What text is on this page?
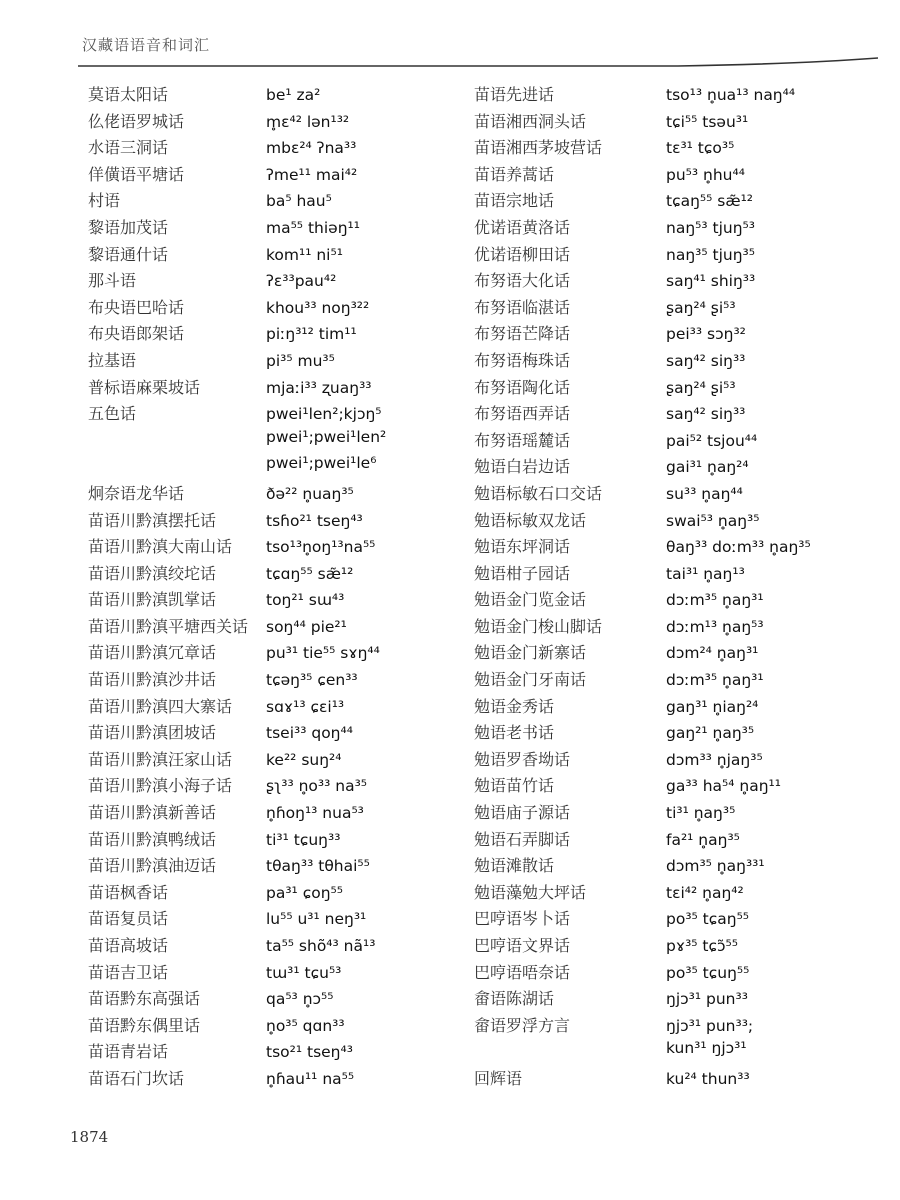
汉藏语语音和词汇
莫语太阳话	be¹ za²
仫佬语罗城话	m̥ɛ⁴² lən¹³²
水语三洞话	mbɛ²⁴ ʔna³³
佯僙语平塘话	ʔme¹¹ mai⁴²
村语	ba⁵ hau⁵
黎语加茂话	ma⁵⁵ thiəŋ¹¹
黎语通什话	kom¹¹ ni⁵¹
那斗语	ʔɛ³³pau⁴²
布央语巴哈话	khou³³ noŋ³²²
布央语郎架话	piːŋ³¹² tim¹¹
拉基语	pi³⁵ mu³⁵
普标语麻栗坡话	mjaːi³³ ʐuaŋ³³
五色话	pwei¹len²;kjɔŋ⁵
pwei¹;pwei¹len²
pwei¹;pwei¹le⁶
炯奈语龙华话	ðə²² n̥uaŋ³⁵
苗语川黔滇摆托话	tsɦo²¹ tseŋ⁴³
苗语川黔滇大南山话	tso¹³n̥oŋ¹³na⁵⁵
苗语川黔滇绞坨话	tɕɑŋ⁵⁵ sæ̃¹²
苗语川黔滇凯掌话	toŋ²¹ sɯ⁴³
苗语川黔滇平塘西关话	soŋ⁴⁴ pie²¹
苗语川黔滇冗章话	pu³¹ tie⁵⁵ sɤŋ⁴⁴
苗语川黔滇沙井话	tɕəŋ³⁵ ɕen³³
苗语川黔滇四大寨话	sɑɤ¹³ ɕɛi¹³
苗语川黔滇团坡话	tsei³³ qoŋ⁴⁴
苗语川黔滇汪家山话	ke²² suŋ²⁴
苗语川黔滇小海子话	ʂʅ³³ n̥o³³ na³⁵
苗语川黔滇新善话	n̥ɦoŋ¹³ nua⁵³
苗语川黔滇鸭绒话	ti³¹ tɕuŋ³³
苗语川黔滇油迈话	tθaŋ³³ tθhai⁵⁵
苗语枫香话	pa³¹ ɕoŋ⁵⁵
苗语复员话	lu⁵⁵ u³¹ neŋ³¹
苗语高坡话	ta⁵⁵ shõ⁴³ nã¹³
苗语吉卫话	tɯ³¹ tɕu⁵³
苗语黔东高强话	qa⁵³ n̥ɔ⁵⁵
苗语黔东偶里话	n̥o³⁵ qɑn³³
苗语青岩话	tso²¹ tseŋ⁴³
苗语石门坎话	n̥ɦau¹¹ na⁵⁵
苗语先进话	tso¹³ n̥ua¹³ naŋ⁴⁴
苗语湘西洞头话	tɕi⁵⁵ tsəu³¹
苗语湘西茅坡营话	tɛ³¹ tɕo³⁵
苗语养蒿话	pu⁵³ n̥hu⁴⁴
苗语宗地话	tɕaŋ⁵⁵ sæ̃¹²
优诺语黄洛话	naŋ⁵³ tjuŋ⁵³
优诺语柳田话	naŋ³⁵ tjuŋ³⁵
布努语大化话	saŋ⁴¹ shiŋ³³
布努语临湛话	ʂaŋ²⁴ ʂi⁵³
布努语芒降话	pei³³ sɔŋ³²
布努语梅珠话	saŋ⁴² siŋ³³
布努语陶化话	ʂaŋ²⁴ ʂi⁵³
布努语西弄话	saŋ⁴² siŋ³³
布努语瑶麓话	pai⁵² tsjou⁴⁴
勉语白岩边话	gai³¹ n̥aŋ²⁴
勉语标敏石口交话	su³³ n̥aŋ⁴⁴
勉语标敏双龙话	swai⁵³ n̥aŋ³⁵
勉语东坪洞话	θaŋ³³ doːm³³ n̥aŋ³⁵
勉语柑子园话	tai³¹ n̥aŋ¹³
勉语金门览金话	dɔːm³⁵ n̥aŋ³¹
勉语金门梭山脚话	dɔːm¹³ n̥aŋ⁵³
勉语金门新寨话	dɔm²⁴ n̥aŋ³¹
勉语金门牙南话	dɔːm³⁵ n̥aŋ³¹
勉语金秀话	gaŋ³¹ n̥iaŋ²⁴
勉语老书话	gaŋ²¹ n̥aŋ³⁵
勉语罗香坳话	dɔm³³ n̥jaŋ³⁵
勉语苗竹话	ga³³ ha⁵⁴ n̥aŋ¹¹
勉语庙子源话	ti³¹ n̥aŋ³⁵
勉语石弄脚话	fa²¹ n̥aŋ³⁵
勉语滩散话	dɔm³⁵ n̥aŋ³³¹
勉语藻勉大坪话	tɛi⁴² n̥aŋ⁴²
巴哼语岑卜话	po³⁵ tɕaŋ⁵⁵
巴哼语文界话	pɤ³⁵ tɕɔ̃⁵⁵
巴哼语唔奈话	po³⁵ tɕuŋ⁵⁵
畲语陈湖话	ŋjɔ³¹ pun³³
畲语罗浮方言	ŋjɔ³¹ pun³³;
kun³¹ ŋjɔ³¹
回辉语	ku²⁴ thun³³
1874
